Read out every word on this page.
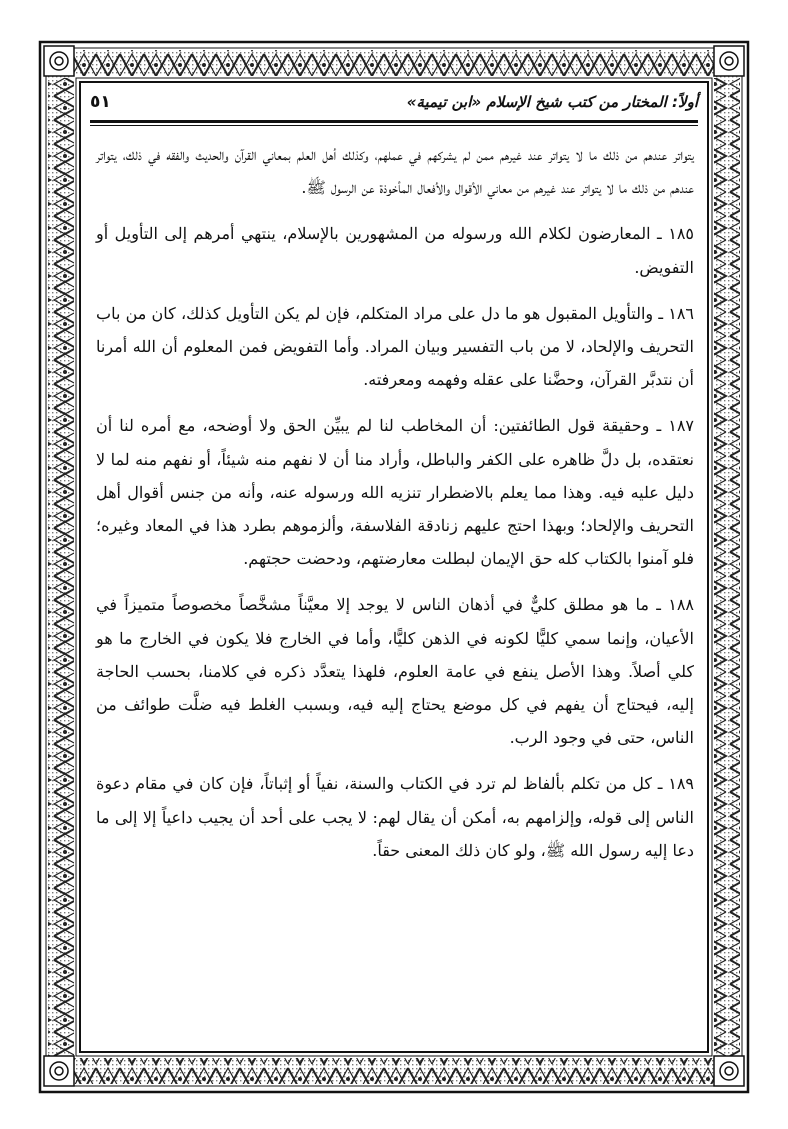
أولاً: المختار من كتب شيخ الإسلام «ابن تيمية»
٥١

يتواتر عندهم من ذلك ما لا يتواتر عند غيرهم ممن لم يشركهم في عملهم، وكذلك أهل العلم بمعاني القرآن والحديث والفقه في ذلك، يتواتر عندهم من ذلك ما لا يتواتر عند غيرهم من معاني الأقوال والأفعال المأخوذة عن الرسول ﷺ.

١٨٥ ـ المعارضون لكلام الله ورسوله من المشهورين بالإسلام، ينتهي أمرهم إلى التأويل أو التفويض.

١٨٦ ـ والتأويل المقبول هو ما دل على مراد المتكلم، فإن لم يكن التأويل كذلك، كان من باب التحريف والإلحاد، لا من باب التفسير وبيان المراد. وأما التفويض فمن المعلوم أن الله أمرنا أن نتدبَّر القرآن، وحضَّنا على عقله وفهمه ومعرفته.

١٨٧ ـ وحقيقة قول الطائفتين: أن المخاطب لنا لم يبيِّن الحق ولا أوضحه، مع أمره لنا أن نعتقده، بل دلَّ ظاهره على الكفر والباطل، وأراد منا أن لا نفهم منه شيئاً، أو نفهم منه لما لا دليل عليه فيه. وهذا مما يعلم بالاضطرار تنزيه الله ورسوله عنه، وأنه من جنس أقوال أهل التحريف والإلحاد؛ وبهذا احتج عليهم زنادقة الفلاسفة، وألزموهم بطرد هذا في المعاد وغيره؛ فلو آمنوا بالكتاب كله حق الإيمان لبطلت معارضتهم، ودحضت حجتهم.

١٨٨ ـ ما هو مطلق كليٌّ في أذهان الناس لا يوجد إلا معيَّناً مشخَّصاً مخصوصاً متميزاً في الأعيان، وإنما سمي كليًّا لكونه في الذهن كليًّا، وأما في الخارج فلا يكون في الخارج ما هو كلي أصلاً. وهذا الأصل ينفع في عامة العلوم، فلهذا يتعدَّد ذكره في كلامنا، بحسب الحاجة إليه، فيحتاج أن يفهم في كل موضع يحتاج إليه فيه، وبسبب الغلط فيه ضلَّت طوائف من الناس، حتى في وجود الرب.

١٨٩ ـ كل من تكلم بألفاظ لم ترد في الكتاب والسنة، نفياً أو إثباتاً، فإن كان في مقام دعوة الناس إلى قوله، وإلزامهم به، أمكن أن يقال لهم: لا يجب على أحد أن يجيب داعياً إلا إلى ما دعا إليه رسول الله ﷺ، ولو كان ذلك المعنى حقاً.
